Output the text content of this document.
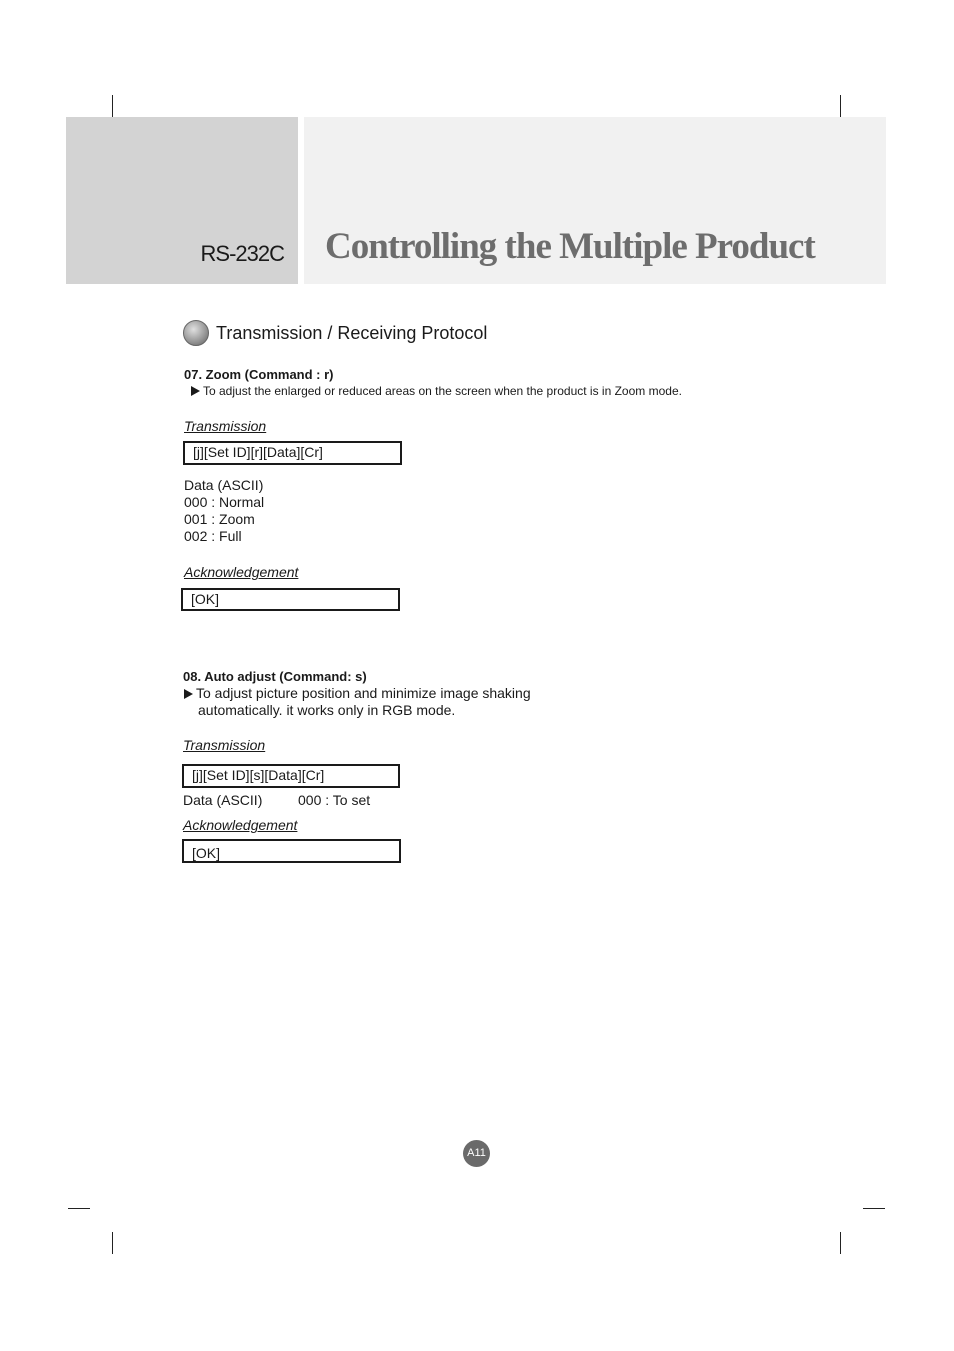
RS-232C Controlling the Multiple Product
Transmission / Receiving Protocol
07. Zoom (Command : r)
To adjust the enlarged or reduced areas on the screen when the product is in Zoom mode.
Transmission
[j][Set ID][r][Data][Cr]
Data (ASCII)
000 : Normal
001 : Zoom
002 : Full
Acknowledgement
[OK]
08. Auto adjust (Command: s)
To adjust picture position and minimize image shaking
automatically. it works only in RGB mode.
Transmission
[j][Set ID][s][Data][Cr]
Data (ASCII)	000 : To set
Acknowledgement
[OK]
A11
